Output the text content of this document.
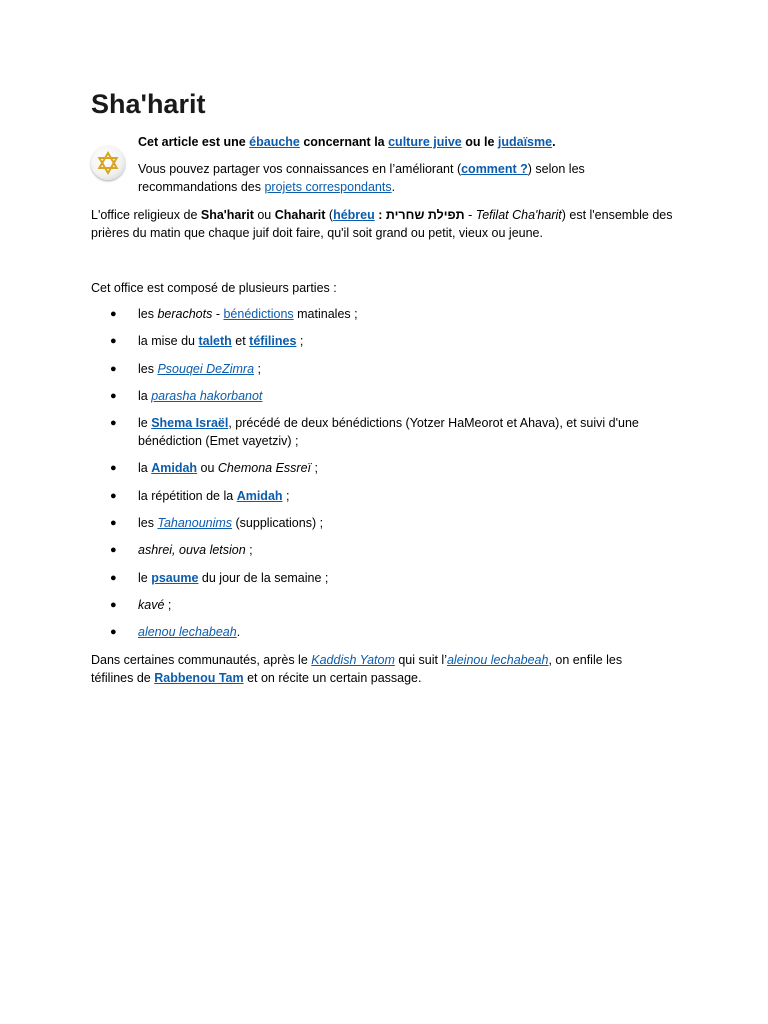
Sha'harit

Cet article est une ébauche concernant la culture juive ou le judaïsme.

Vous pouvez partager vos connaissances en l’améliorant (comment ?) selon les recommandations des projets correspondants.

L'office religieux de Sha'harit ou Chaharit (hébreu : תפילת שחרית - Tefilat Cha'harit) est l'ensemble des prières du matin que chaque juif doit faire, qu'il soit grand ou petit, vieux ou jeune.

Cet office est composé de plusieurs parties :

● les berachots - bénédictions matinales ;
● la mise du taleth et téfilines ;
● les Psouqei DeZimra ;
● la parasha hakorbanot
● le Shema Israël, précédé de deux bénédictions (Yotzer HaMeorot et Ahava), et suivi d'une bénédiction (Emet vayetziv) ;
● la Amidah ou Chemona Essreï ;
● la répétition de la Amidah ;
● les Tahanounims (supplications) ;
● ashrei, ouva letsion ;
● le psaume du jour de la semaine ;
● kavé ;
● alenou lechabeah.

Dans certaines communautés, après le Kaddish Yatom qui suit l’aleinou lechabeah, on enfile les téfilines de Rabbenou Tam et on récite un certain passage.
